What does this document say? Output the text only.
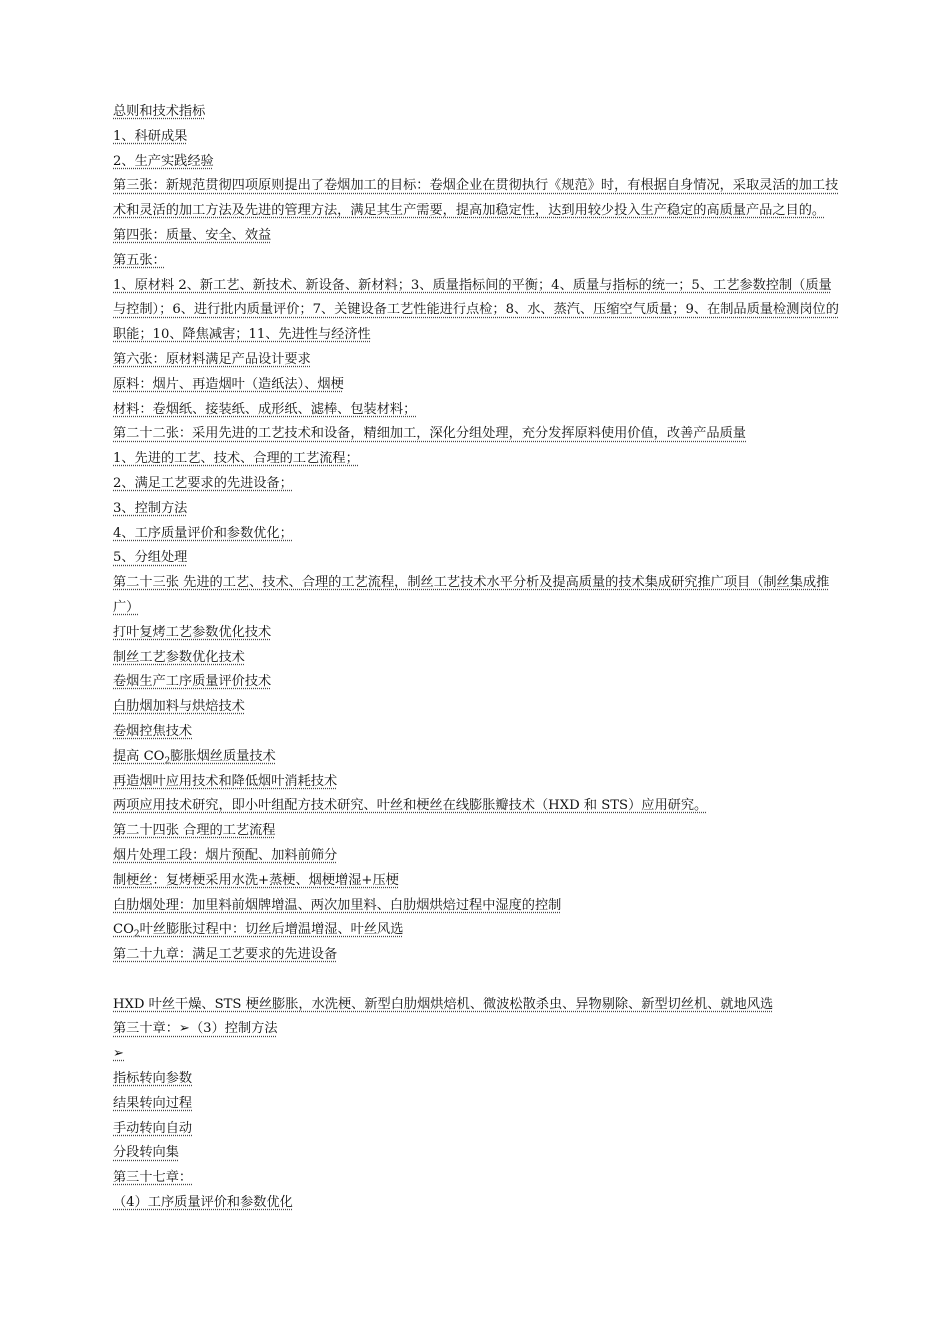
总则和技术指标
1、科研成果
2、生产实践经验
第三张：新规范贯彻四项原则提出了卷烟加工的目标：卷烟企业在贯彻执行《规范》时，有根据自身情况，采取灵活的加工技术和灵活的加工方法及先进的管理方法，满足其生产需要，提高加稳定性，达到用较少投入生产稳定的高质量产品之目的。
第四张：质量、安全、效益
第五张：
1、原材料 2、新工艺、新技术、新设备、新材料；3、质量指标间的平衡；4、质量与指标的统一；5、工艺参数控制（质量与控制）；6、进行批内质量评价；7、关键设备工艺性能进行点检；8、水、蒸汽、压缩空气质量；9、在制品质量检测岗位的职能；10、降焦减害；11、先进性与经济性
第六张：原材料满足产品设计要求
原料：烟片、再造烟叶（造纸法）、烟梗
材料：卷烟纸、接装纸、成形纸、滤棒、包装材料；
第二十二张：采用先进的工艺技术和设备，精细加工，深化分组处理，充分发挥原料使用价值，改善产品质量
1、先进的工艺、技术、合理的工艺流程；
2、满足工艺要求的先进设备；
3、控制方法
4、工序质量评价和参数优化；
5、分组处理
第二十三张 先进的工艺、技术、合理的工艺流程，制丝工艺技术水平分析及提高质量的技术集成研究推广项目（制丝集成推广）
打叶复烤工艺参数优化技术
制丝工艺参数优化技术
卷烟生产工序质量评价技术
白肋烟加料与烘焙技术
卷烟控焦技术
提高 $CO_2$膨胀烟丝质量技术
再造烟叶应用技术和降低烟叶消耗技术
两项应用技术研究，即小叶组配方技术研究、叶丝和梗丝在线膨胀瓣技术（HXD 和 STS）应用研究。
第二十四张 合理的工艺流程
烟片处理工段：烟片预配、加料前筛分
制梗丝：复烤梗采用水洗+蒸梗、烟梗增湿+压梗
白肋烟处理：加里料前烟牌增温、两次加里料、白肋烟烘焙过程中湿度的控制
$CO_2$叶丝膨胀过程中：切丝后增温增湿、叶丝风选
第二十九章：满足工艺要求的先进设备
HXD 叶丝干燥、STS 梗丝膨胀，水洗梗、新型白肋烟烘焙机、微波松散杀虫、异物剔除、新型切丝机、就地风选
第三十章：➢（3）控制方法
➢
指标转向参数
结果转向过程
手动转向自动
分段转向集
第三十七章：
（4）工序质量评价和参数优化
